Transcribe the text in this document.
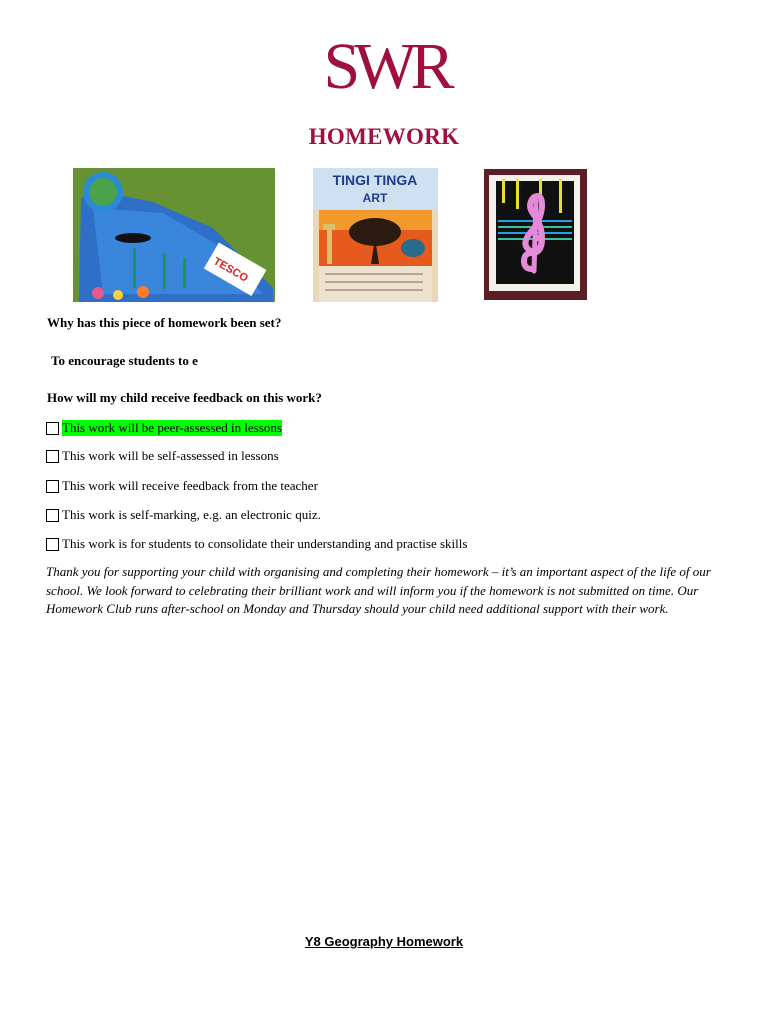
SWR
HOMEWORK
TESCO
TINGI TINGA
ART
Why has this piece of homework been set?
To encourage students to e
How will my child receive feedback on this work?
This work will be peer-assessed in lessons
This work will be self-assessed in lessons
This work will receive feedback from the teacher
This work is self-marking, e.g. an electronic quiz.
This work is for students to consolidate their understanding and practise skills
Thank you for supporting your child with organising and completing their homework – it’s an important aspect of the life of our school. We look forward to celebrating their brilliant work and will inform you if the homework is not submitted on time. Our Homework Club runs after-school on Monday and Thursday should your child need additional support with their work.
Y8 Geography Homework
